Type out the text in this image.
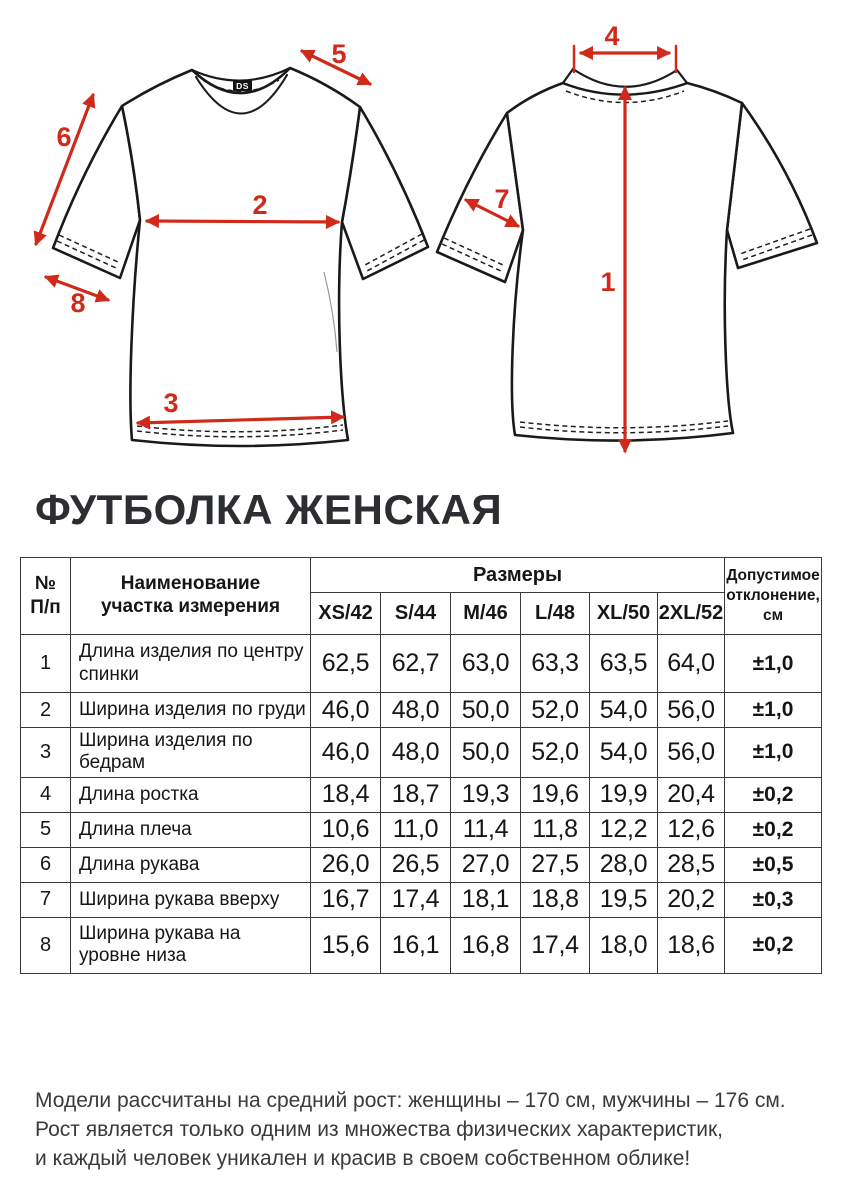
DS
5
6
2
8
3
4
1
7
ФУТБОЛКА ЖЕНСКАЯ
№
П/п	Наименование участка измерения	Размеры						Допустимое отклонение, см
		XS/42	S/44	M/46	L/48	XL/50	2XL/52	
1	Длина изделия по центру спинки	62,5	62,7	63,0	63,3	63,5	64,0	±1,0
2	Ширина изделия по груди	46,0	48,0	50,0	52,0	54,0	56,0	±1,0
3	Ширина изделия по бедрам	46,0	48,0	50,0	52,0	54,0	56,0	±1,0
4	Длина ростка	18,4	18,7	19,3	19,6	19,9	20,4	±0,2
5	Длина плеча	10,6	11,0	11,4	11,8	12,2	12,6	±0,2
6	Длина рукава	26,0	26,5	27,0	27,5	28,0	28,5	±0,5
7	Ширина рукава вверху	16,7	17,4	18,1	18,8	19,5	20,2	±0,3
8	Ширина рукава на уровне низа	15,6	16,1	16,8	17,4	18,0	18,6	±0,2
Модели рассчитаны на средний рост: женщины – 170 см, мужчины – 176 см.
Рост является только одним из множества физических характеристик,
и каждый человек уникален и красив в своем собственном облике!
